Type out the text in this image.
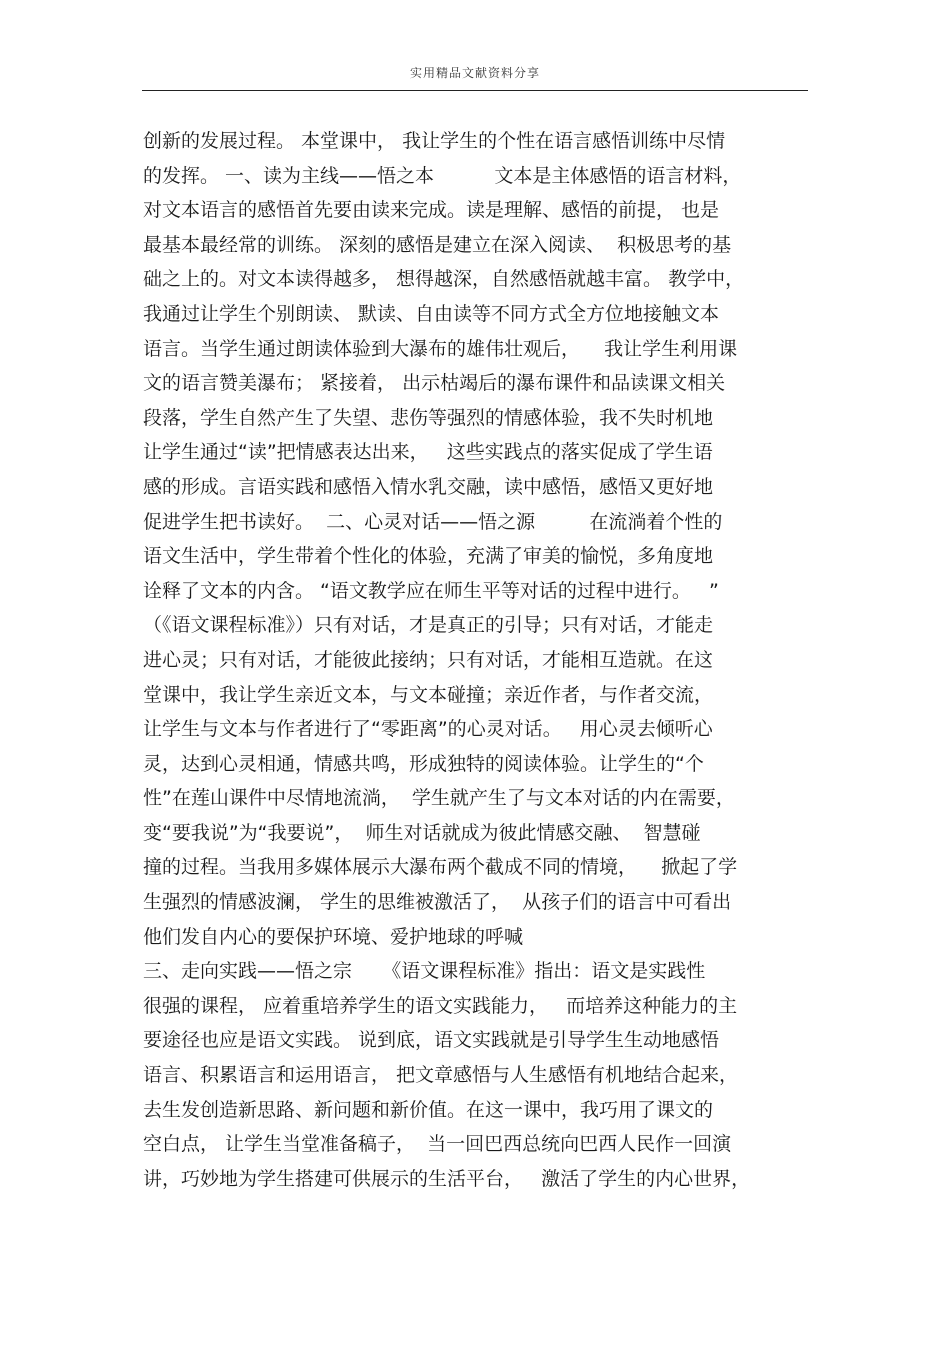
实用精品文献资料分享
创新的发展过程。 本堂课中， 我让学生的个性在语言感悟训练中尽情
的发挥。 一、读为主线——悟之本          文本是主体感悟的语言材料，
对文本语言的感悟首先要由读来完成。读是理解、感悟的前提， 也是
最基本最经常的训练。 深刻的感悟是建立在深入阅读、  积极思考的基
础之上的。对文本读得越多， 想得越深，自然感悟就越丰富。 教学中，
我通过让学生个别朗读、 默读、自由读等不同方式全方位地接触文本
语言。当学生通过朗读体验到大瀑布的雄伟壮观后，    我让学生利用课
文的语言赞美瀑布； 紧接着， 出示枯竭后的瀑布课件和品读课文相关
段落，学生自然产生了失望、悲伤等强烈的情感体验，我不失时机地
让学生通过“读”把情感表达出来，   这些实践点的落实促成了学生语
感的形成。言语实践和感悟入情水乳交融，读中感悟，感悟又更好地
促进学生把书读好。  二、心灵对话——悟之源         在流淌着个性的
语文生活中，学生带着个性化的体验，充满了审美的愉悦，多角度地
诠释了文本的内含。 “语文教学应在师生平等对话的过程中进行。   ”
（《语文课程标准》）只有对话，才是真正的引导；只有对话，才能走
进心灵；只有对话，才能彼此接纳；只有对话，才能相互造就。在这
堂课中，我让学生亲近文本，与文本碰撞；亲近作者，与作者交流，
让学生与文本与作者进行了“零距离”的心灵对话。   用心灵去倾听心
灵，达到心灵相通，情感共鸣，形成独特的阅读体验。让学生的“个
性”在莲山课件中尽情地流淌，  学生就产生了与文本对话的内在需要，
变“要我说”为“我要说”，  师生对话就成为彼此情感交融、  智慧碰
撞的过程。当我用多媒体展示大瀑布两个截成不同的情境，    掀起了学
生强烈的情感波澜， 学生的思维被激活了，  从孩子们的语言中可看出
他们发自内心的要保护环境、爱护地球的呼喊
三、走向实践——悟之宗     《语文课程标准》指出：语文是实践性
很强的课程， 应着重培养学生的语文实践能力，   而培养这种能力的主
要途径也应是语文实践。 说到底，语文实践就是引导学生生动地感悟
语言、积累语言和运用语言， 把文章感悟与人生感悟有机地结合起来，
去生发创造新思路、新问题和新价值。在这一课中，我巧用了课文的
空白点， 让学生当堂准备稿子，  当一回巴西总统向巴西人民作一回演
讲，巧妙地为学生搭建可供展示的生活平台，   激活了学生的内心世界，
